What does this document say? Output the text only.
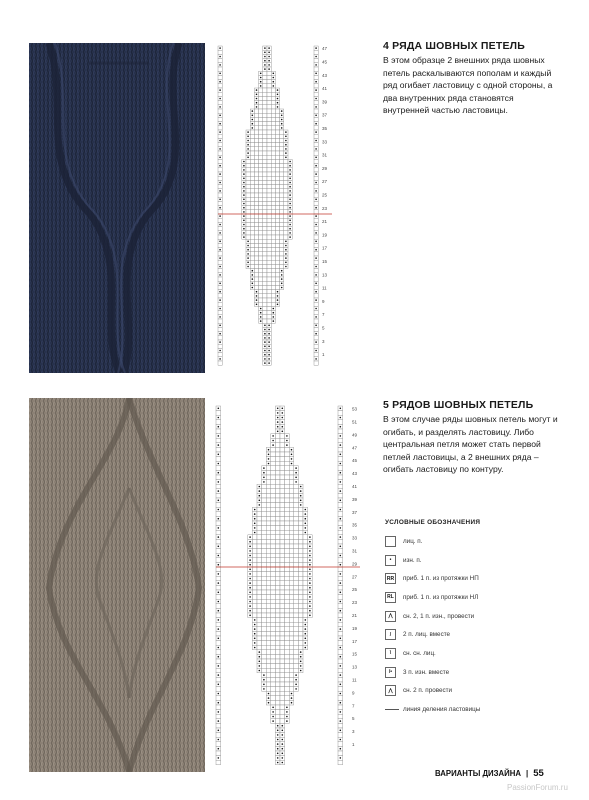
47
45
43
41
39
37
35
33
31
29
27
25
23
21
19
17
15
13
11
9
7
5
3
1
53
51
49
47
45
43
41
39
37
35
33
31
29
27
25
23
21
19
17
15
13
11
9
7
5
3
1
4 РЯДА ШОВНЫХ ПЕТЕЛЬ
В этом образце 2 внешних ряда шовных петель раскалываются пополам и каждый ряд огибает ластовицу с одной стороны, а два внутренних ряда становятся внутренней частью ластовицы.
5 РЯДОВ ШОВНЫХ ПЕТЕЛЬ
В этом случае ряды шовных петель могут и огибать, и разделять ластовицу. Либо центральная петля может стать первой петлей ластовицы, а 2 внешних ряда – огибать ластовицу по контуру.
УСЛОВНЫЕ ОБОЗНАЧЕНИЯ
лиц. п.
•	изн. п.
RR	приб. 1 п. из протяжки НП
RL	приб. 1 п. из протяжки НЛ
⋀	сн. 2, 1 п. изн., провести
/	2 п. лиц. вместе
\	сн. сн. лиц.
/•	3 п. изн. вместе
⋀	сн. 2 п. провести
линия деления ластовицы
ВАРИАНТЫ ДИЗАЙНА | 55
PassionForum.ru
